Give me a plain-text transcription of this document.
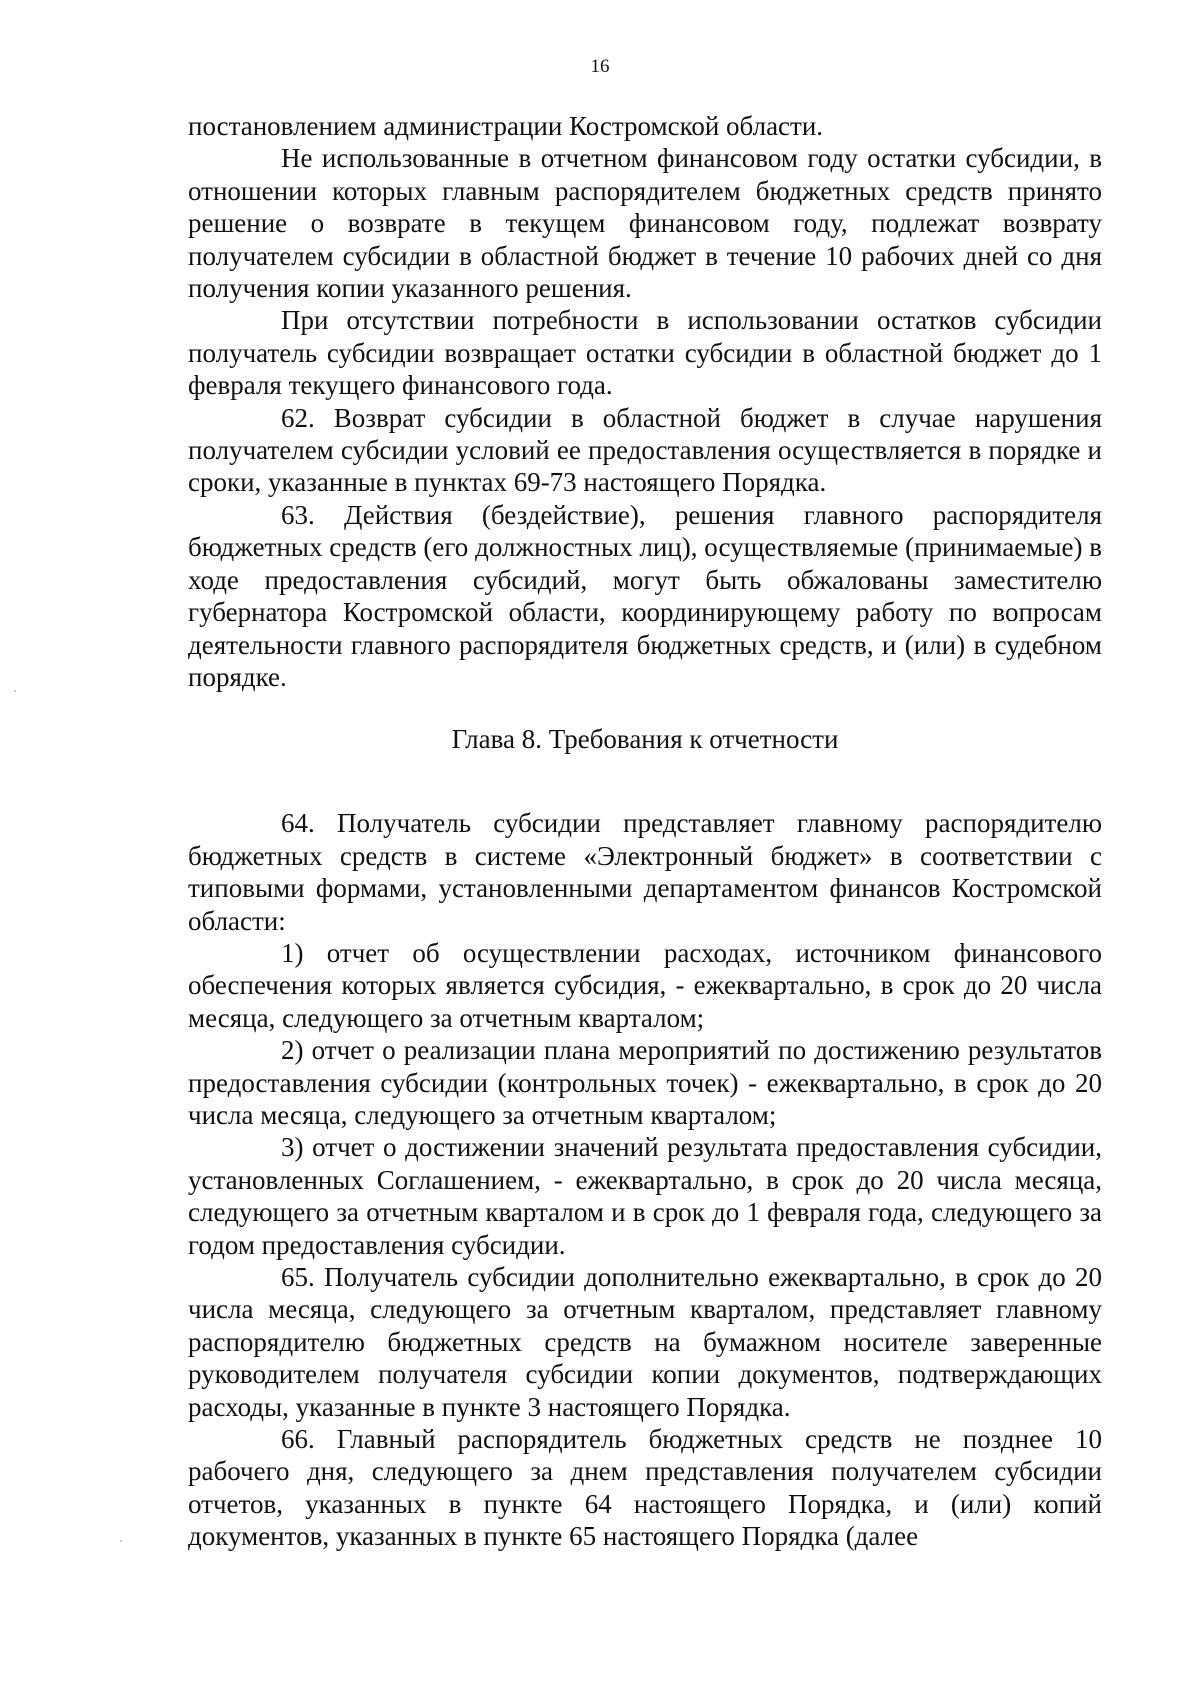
16

постановлением администрации Костромской области.

Не использованные в отчетном финансовом году остатки субсидии, в отношении которых главным распорядителем бюджетных средств принято решение о возврате в текущем финансовом году, подлежат возврату получателем субсидии в областной бюджет в течение 10 рабочих дней со дня получения копии указанного решения.

При отсутствии потребности в использовании остатков субсидии получатель субсидии возвращает остатки субсидии в областной бюджет до 1 февраля текущего финансового года.

62. Возврат субсидии в областной бюджет в случае нарушения получателем субсидии условий ее предоставления осуществляется в порядке и сроки, указанные в пунктах 69-73 настоящего Порядка.

63. Действия (бездействие), решения главного распорядителя бюджетных средств (его должностных лиц), осуществляемые (принимаемые) в ходе предоставления субсидий, могут быть обжалованы заместителю губернатора Костромской области, координирующему работу по вопросам деятельности главного распорядителя бюджетных средств, и (или) в судебном порядке.

Глава 8. Требования к отчетности

64. Получатель субсидии представляет главному распорядителю бюджетных средств в системе «Электронный бюджет» в соответствии с типовыми формами, установленными департаментом финансов Костромской области:

1) отчет об осуществлении расходах, источником финансового обеспечения которых является субсидия, - ежеквартально, в срок до 20 числа месяца, следующего за отчетным кварталом;

2) отчет о реализации плана мероприятий по достижению результатов предоставления субсидии (контрольных точек) - ежеквартально, в срок до 20 числа месяца, следующего за отчетным кварталом;

3) отчет о достижении значений результата предоставления субсидии, установленных Соглашением, - ежеквартально, в срок до 20 числа месяца, следующего за отчетным кварталом и в срок до 1 февраля года, следующего за годом предоставления субсидии.

65. Получатель субсидии дополнительно ежеквартально, в срок до 20 числа месяца, следующего за отчетным кварталом, представляет главному распорядителю бюджетных средств на бумажном носителе заверенные руководителем получателя субсидии копии документов, подтверждающих расходы, указанные в пункте 3 настоящего Порядка.

66. Главный распорядитель бюджетных средств не позднее 10 рабочего дня, следующего за днем представления получателем субсидии отчетов, указанных в пункте 64 настоящего Порядка, и (или) копий документов, указанных в пункте 65 настоящего Порядка (далее
